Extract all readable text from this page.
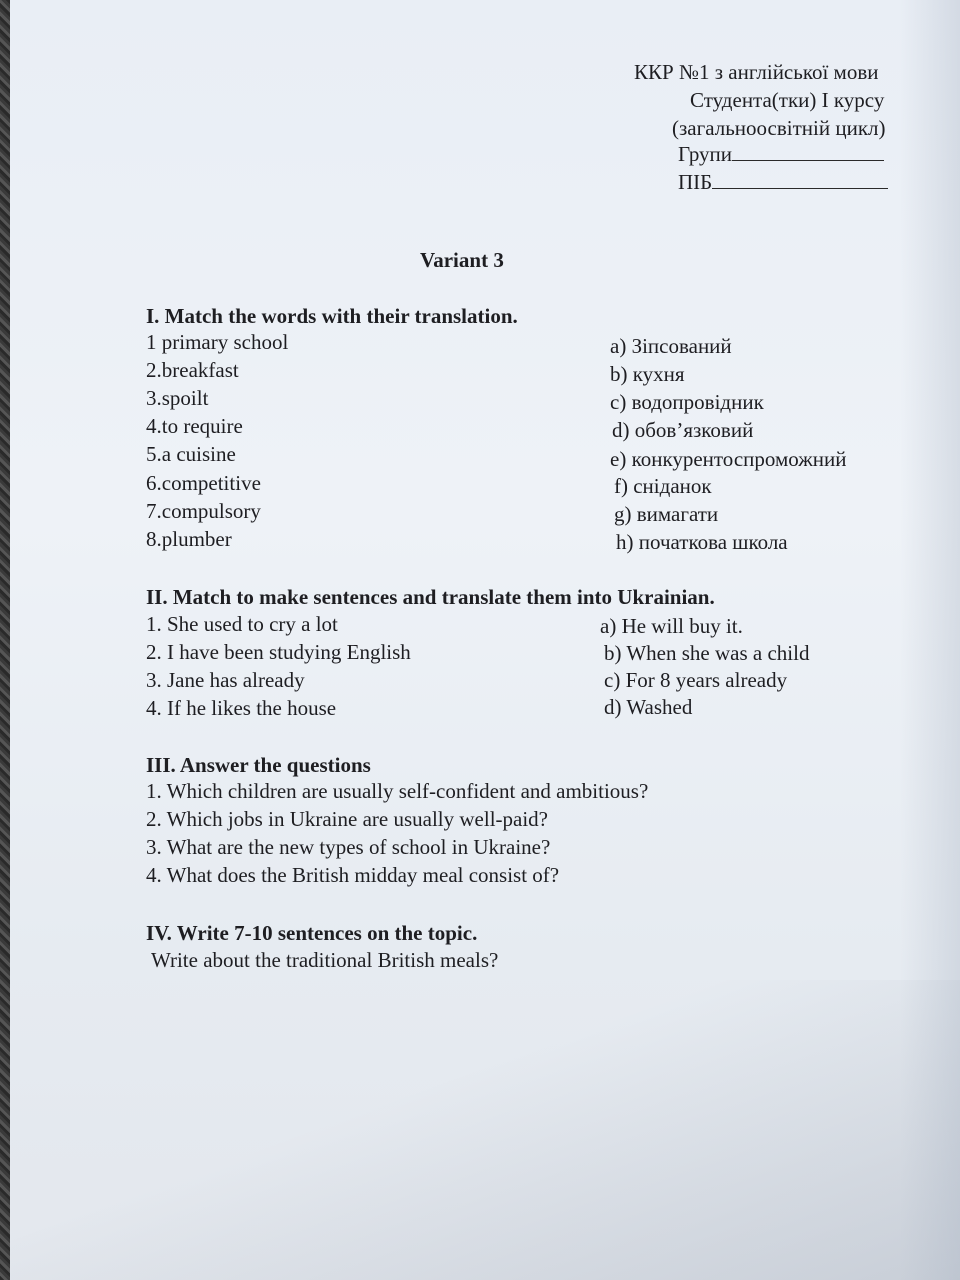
ККР №1 з англійської мови
Студента(тки) І курсу
(загальноосвітній цикл)
Групи
ПІБ
Variant 3
I. Match the words with their translation.
1 primary school
2.breakfast
3.spoilt
4.to require
5.a cuisine
6.competitive
7.compulsory
8.plumber
a) Зіпсований
b) кухня
c) водопровідник
d) обов’язковий
e) конкурентоспроможний
f) сніданок
g) вимагати
h) початкова школа
II. Match to make sentences and translate them into Ukrainian.
1. She used to cry a lot
2. I have been studying English
3. Jane has already
4. If he likes the house
a) He will buy it.
b) When she was a child
c) For 8 years already
d) Washed
III. Answer the questions
1. Which children are usually self-confident and ambitious?
2. Which jobs in Ukraine are usually well-paid?
3. What are the new types of school in Ukraine?
4. What does the British midday meal consist of?
IV. Write 7-10 sentences on the topic.
Write about the traditional British meals?
